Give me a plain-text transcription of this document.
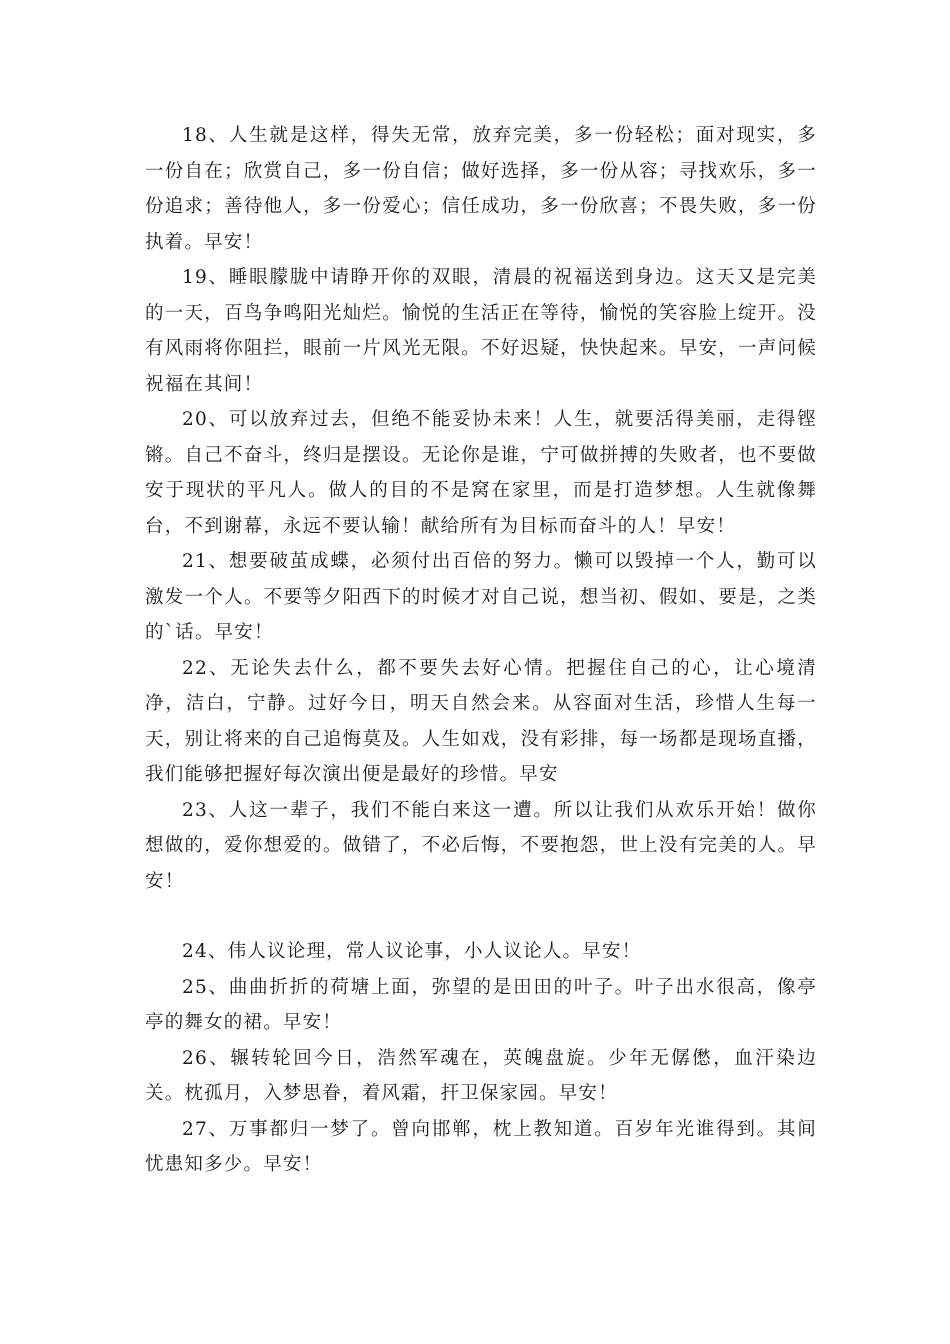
18、人生就是这样，得失无常，放弃完美，多一份轻松；面对现实，多一份自在；欣赏自己，多一份自信；做好选择，多一份从容；寻找欢乐，多一份追求；善待他人，多一份爱心；信任成功，多一份欣喜；不畏失败，多一份执着。早安！

19、睡眼朦胧中请睁开你的双眼，清晨的祝福送到身边。这天又是完美的一天，百鸟争鸣阳光灿烂。愉悦的生活正在等待，愉悦的笑容脸上绽开。没有风雨将你阻拦，眼前一片风光无限。不好迟疑，快快起来。早安，一声问候祝福在其间！

20、可以放弃过去，但绝不能妥协未来！人生，就要活得美丽，走得铿锵。自己不奋斗，终归是摆设。无论你是谁，宁可做拼搏的失败者，也不要做安于现状的平凡人。做人的目的不是窝在家里，而是打造梦想。人生就像舞台，不到谢幕，永远不要认输！献给所有为目标而奋斗的人！早安！

21、想要破茧成蝶，必须付出百倍的努力。懒可以毁掉一个人，勤可以激发一个人。不要等夕阳西下的时候才对自己说，想当初、假如、要是，之类的`话。早安！

22、无论失去什么，都不要失去好心情。把握住自己的心，让心境清净，洁白，宁静。过好今日，明天自然会来。从容面对生活，珍惜人生每一天，别让将来的自己追悔莫及。人生如戏，没有彩排，每一场都是现场直播，我们能够把握好每次演出便是最好的珍惜。早安

23、人这一辈子，我们不能白来这一遭。所以让我们从欢乐开始！做你想做的，爱你想爱的。做错了，不必后悔，不要抱怨，世上没有完美的人。早安！

24、伟人议论理，常人议论事，小人议论人。早安！

25、曲曲折折的荷塘上面，弥望的是田田的叶子。叶子出水很高，像亭亭的舞女的裙。早安！

26、辗转轮回今日，浩然军魂在，英魄盘旋。少年无僝僽，血汗染边关。枕孤月，入梦思眷，着风霜，扞卫保家园。早安！

27、万事都归一梦了。曾向邯郸，枕上教知道。百岁年光谁得到。其间忧患知多少。早安！
